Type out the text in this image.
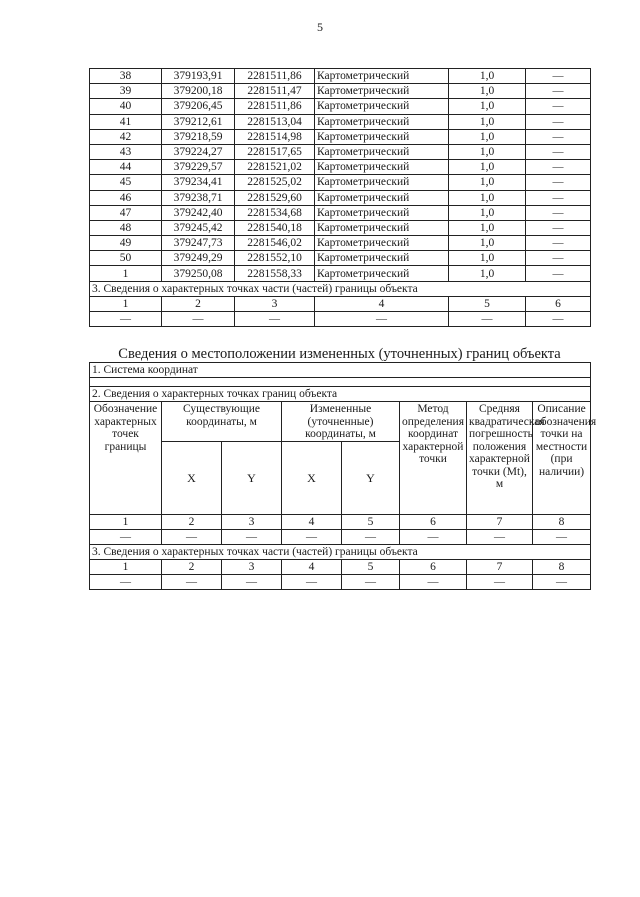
5
38	379193,91	2281511,86	Картометрический	1,0	—
39	379200,18	2281511,47	Картометрический	1,0	—
40	379206,45	2281511,86	Картометрический	1,0	—
41	379212,61	2281513,04	Картометрический	1,0	—
42	379218,59	2281514,98	Картометрический	1,0	—
43	379224,27	2281517,65	Картометрический	1,0	—
44	379229,57	2281521,02	Картометрический	1,0	—
45	379234,41	2281525,02	Картометрический	1,0	—
46	379238,71	2281529,60	Картометрический	1,0	—
47	379242,40	2281534,68	Картометрический	1,0	—
48	379245,42	2281540,18	Картометрический	1,0	—
49	379247,73	2281546,02	Картометрический	1,0	—
50	379249,29	2281552,10	Картометрический	1,0	—
1	379250,08	2281558,33	Картометрический	1,0	—
3. Сведения о характерных точках части (частей) границы объекта					
1	2	3	4	5	6
—	—	—	—	—	—
Сведения о местоположении измененных (уточненных) границ объекта
1. Система координат							

2. Сведения о характерных точках границ объекта							
Обозначение характерных точек границы	Существующие координаты, м		Измененные (уточненные) координаты, м		Метод определения координат характерной точки	Средняя квадратическая погрешность положения характерной точки (Mt), м	Описание обозначения точки на местности (при наличии)
	X	Y	X	Y			
1	2	3	4	5	6	7	8
—	—	—	—	—	—	—	—
3. Сведения о характерных точках части (частей) границы объекта							
1	2	3	4	5	6	7	8
—	—	—	—	—	—	—	—
